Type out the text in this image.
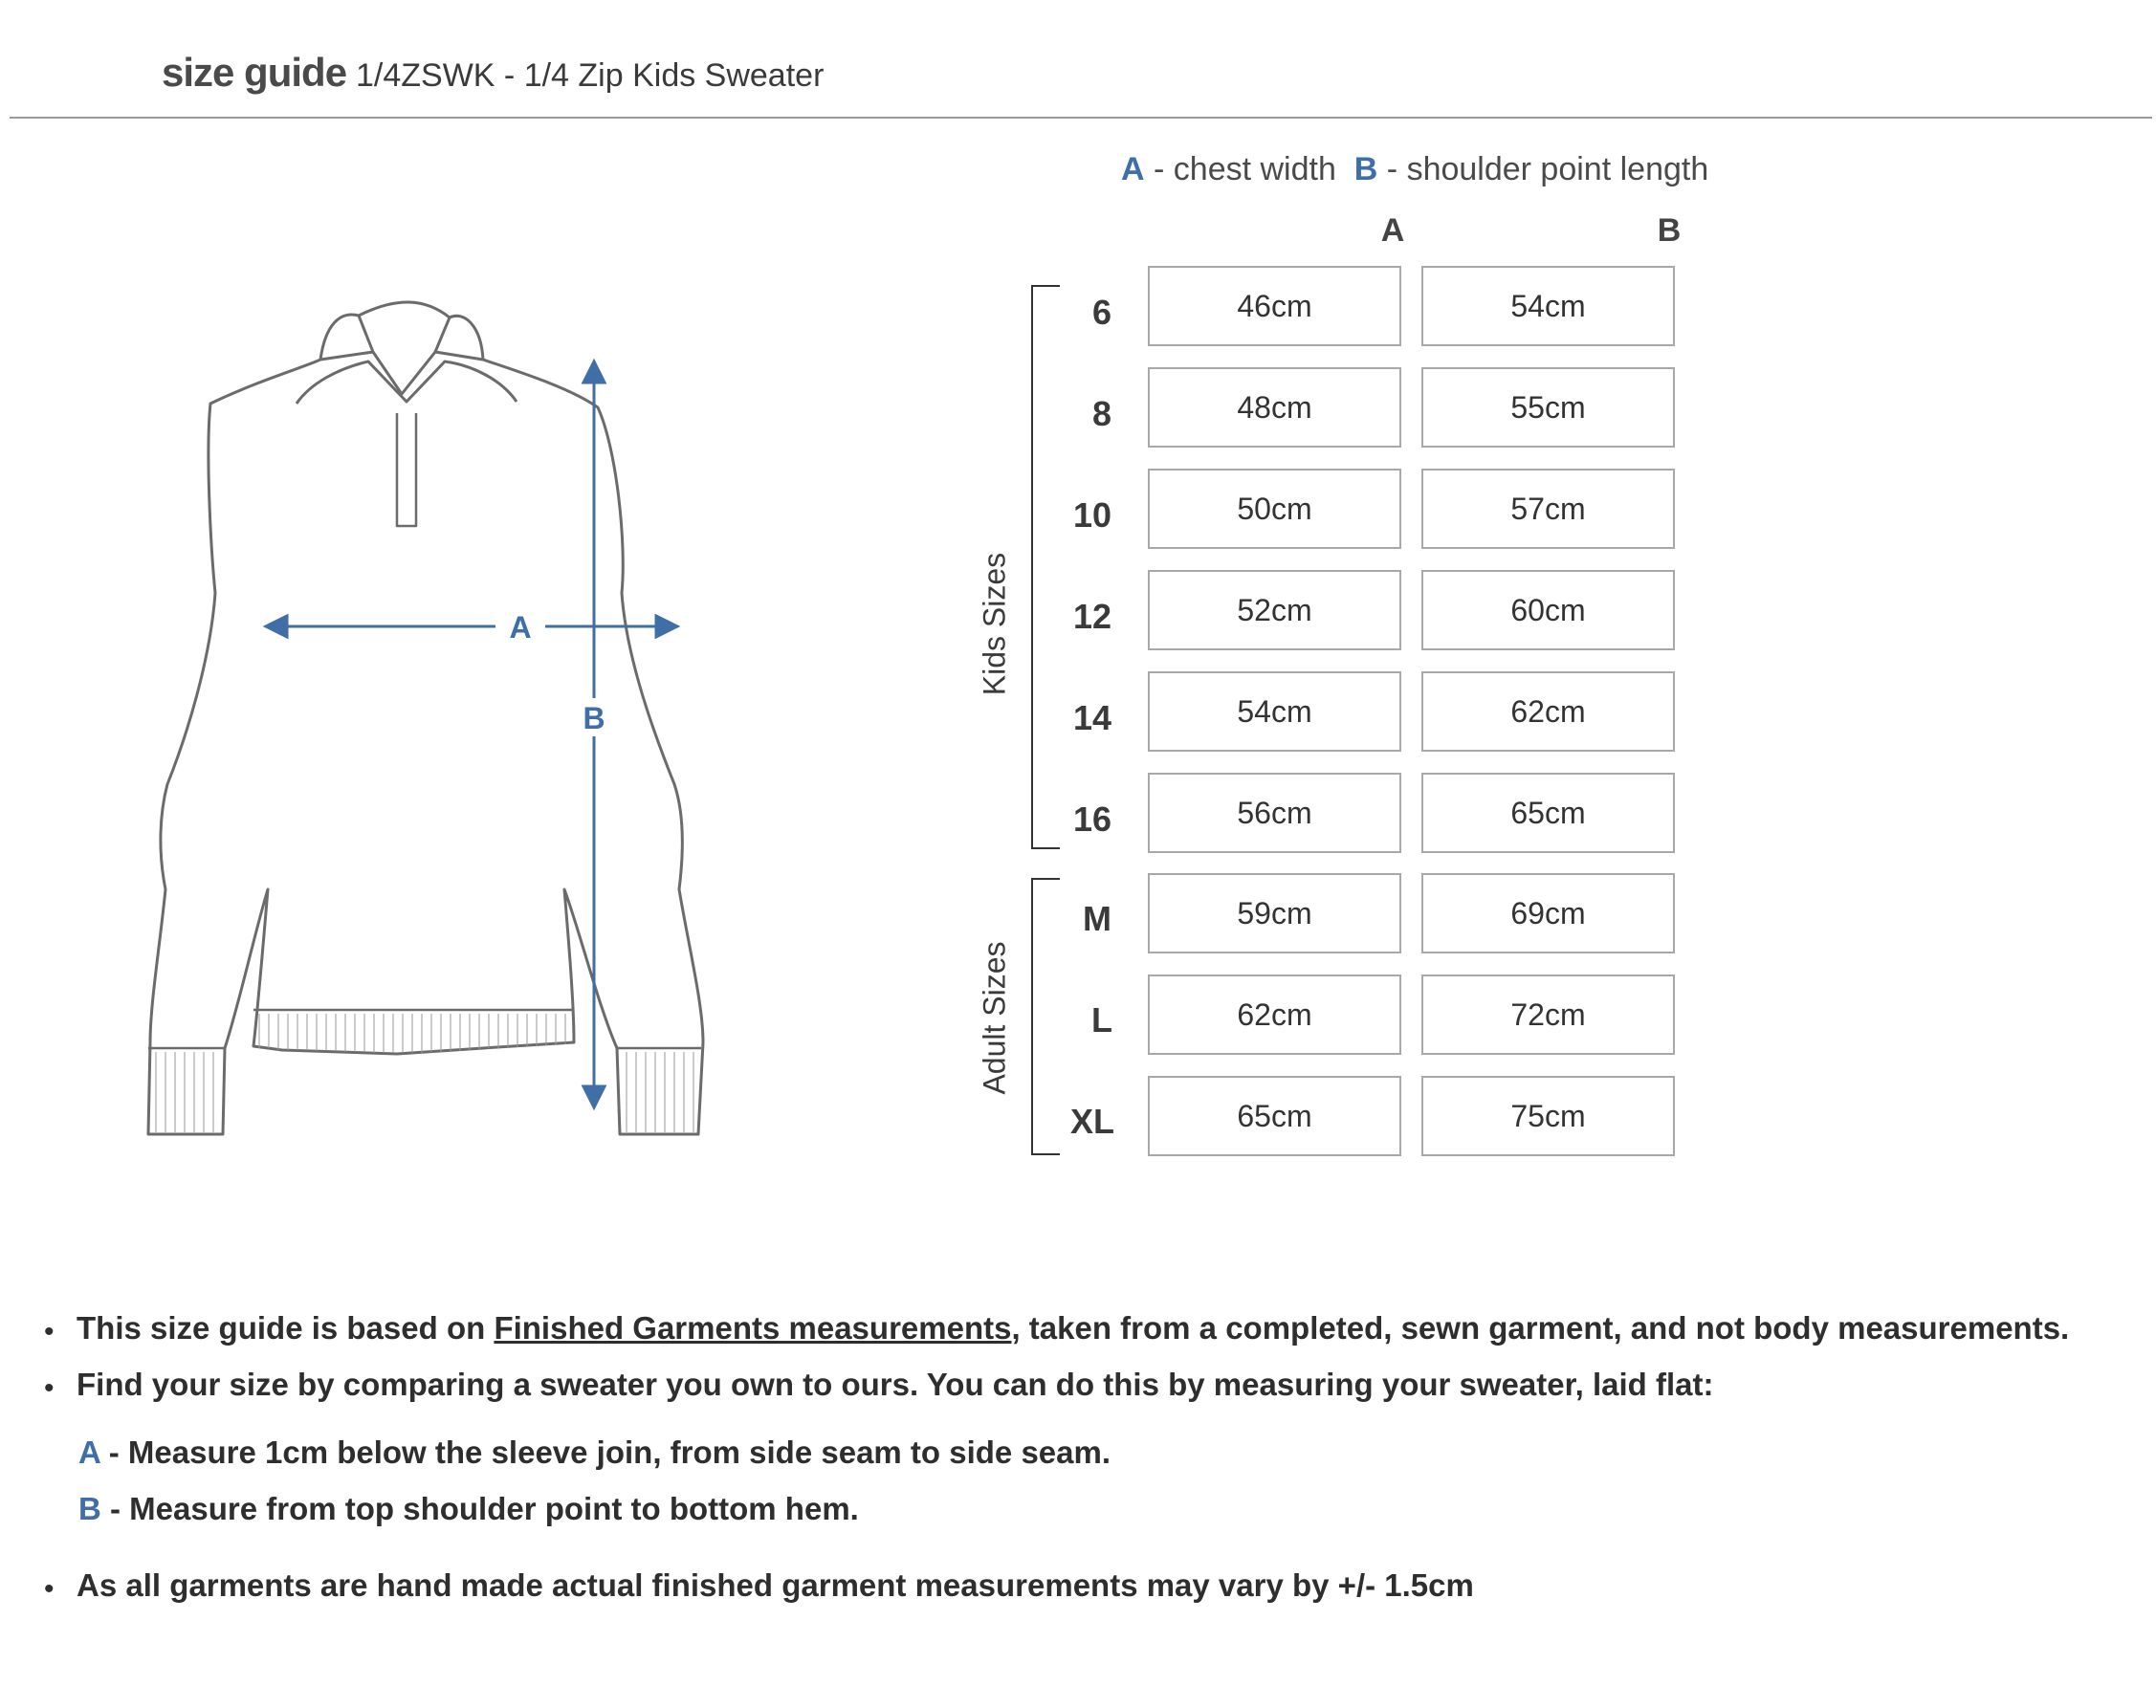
size guide 1/4ZSWK - 1/4 Zip Kids Sweater
A
B
A - chest width B - shoulder point length
A	B
Kids Sizes
Adult Sizes
6	46cm	54cm
8	48cm	55cm
10	50cm	57cm
12	52cm	60cm
14	54cm	62cm
16	56cm	65cm
M	59cm	69cm
L	62cm	72cm
XL	65cm	75cm
• This size guide is based on Finished Garments measurements, taken from a completed, sewn garment, and not body measurements.
• Find your size by comparing a sweater you own to ours. You can do this by measuring your sweater, laid flat:
A - Measure 1cm below the sleeve join, from side seam to side seam.
B - Measure from top shoulder point to bottom hem.
• As all garments are hand made actual finished garment measurements may vary by +/- 1.5cm
